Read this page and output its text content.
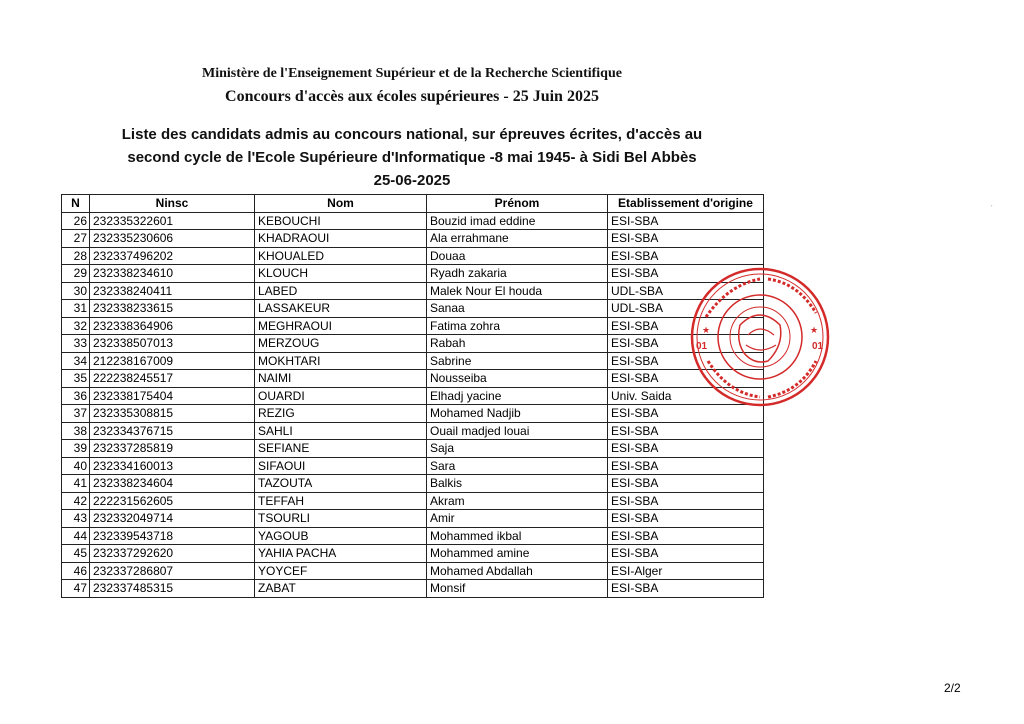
Ministère de l'Enseignement Supérieur et de la Recherche Scientifique
Concours d'accès aux écoles supérieures - 25 Juin 2025
Liste des candidats admis au concours national, sur épreuves écrites, d'accès au
second cycle de l'Ecole Supérieure d'Informatique -8 mai 1945- à Sidi Bel Abbès
25-06-2025
N	Ninsc	Nom	Prénom	Etablissement d'origine
26	232335322601	KEBOUCHI	Bouzid imad eddine	ESI-SBA
27	232335230606	KHADRAOUI	Ala errahmane	ESI-SBA
28	232337496202	KHOUALED	Douaa	ESI-SBA
29	232338234610	KLOUCH	Ryadh zakaria	ESI-SBA
30	232338240411	LABED	Malek Nour El houda	UDL-SBA
31	232338233615	LASSAKEUR	Sanaa	UDL-SBA
32	232338364906	MEGHRAOUI	Fatima zohra	ESI-SBA
33	232338507013	MERZOUG	Rabah	ESI-SBA
34	212238167009	MOKHTARI	Sabrine	ESI-SBA
35	222238245517	NAIMI	Nousseiba	ESI-SBA
36	232338175404	OUARDI	Elhadj yacine	Univ. Saida
37	232335308815	REZIG	Mohamed Nadjib	ESI-SBA
38	232334376715	SAHLI	Ouail madjed louai	ESI-SBA
39	232337285819	SEFIANE	Saja	ESI-SBA
40	232334160013	SIFAOUI	Sara	ESI-SBA
41	232338234604	TAZOUTA	Balkis	ESI-SBA
42	222231562605	TEFFAH	Akram	ESI-SBA
43	232332049714	TSOURLI	Amir	ESI-SBA
44	232339543718	YAGOUB	Mohammed ikbal	ESI-SBA
45	232337292620	YAHIA PACHA	Mohammed amine	ESI-SBA
46	232337286807	YOYCEF	Mohamed Abdallah	ESI-Alger
47	232337485315	ZABAT	Monsif	ESI-SBA
01	01
★	★
ˊ
2/2
